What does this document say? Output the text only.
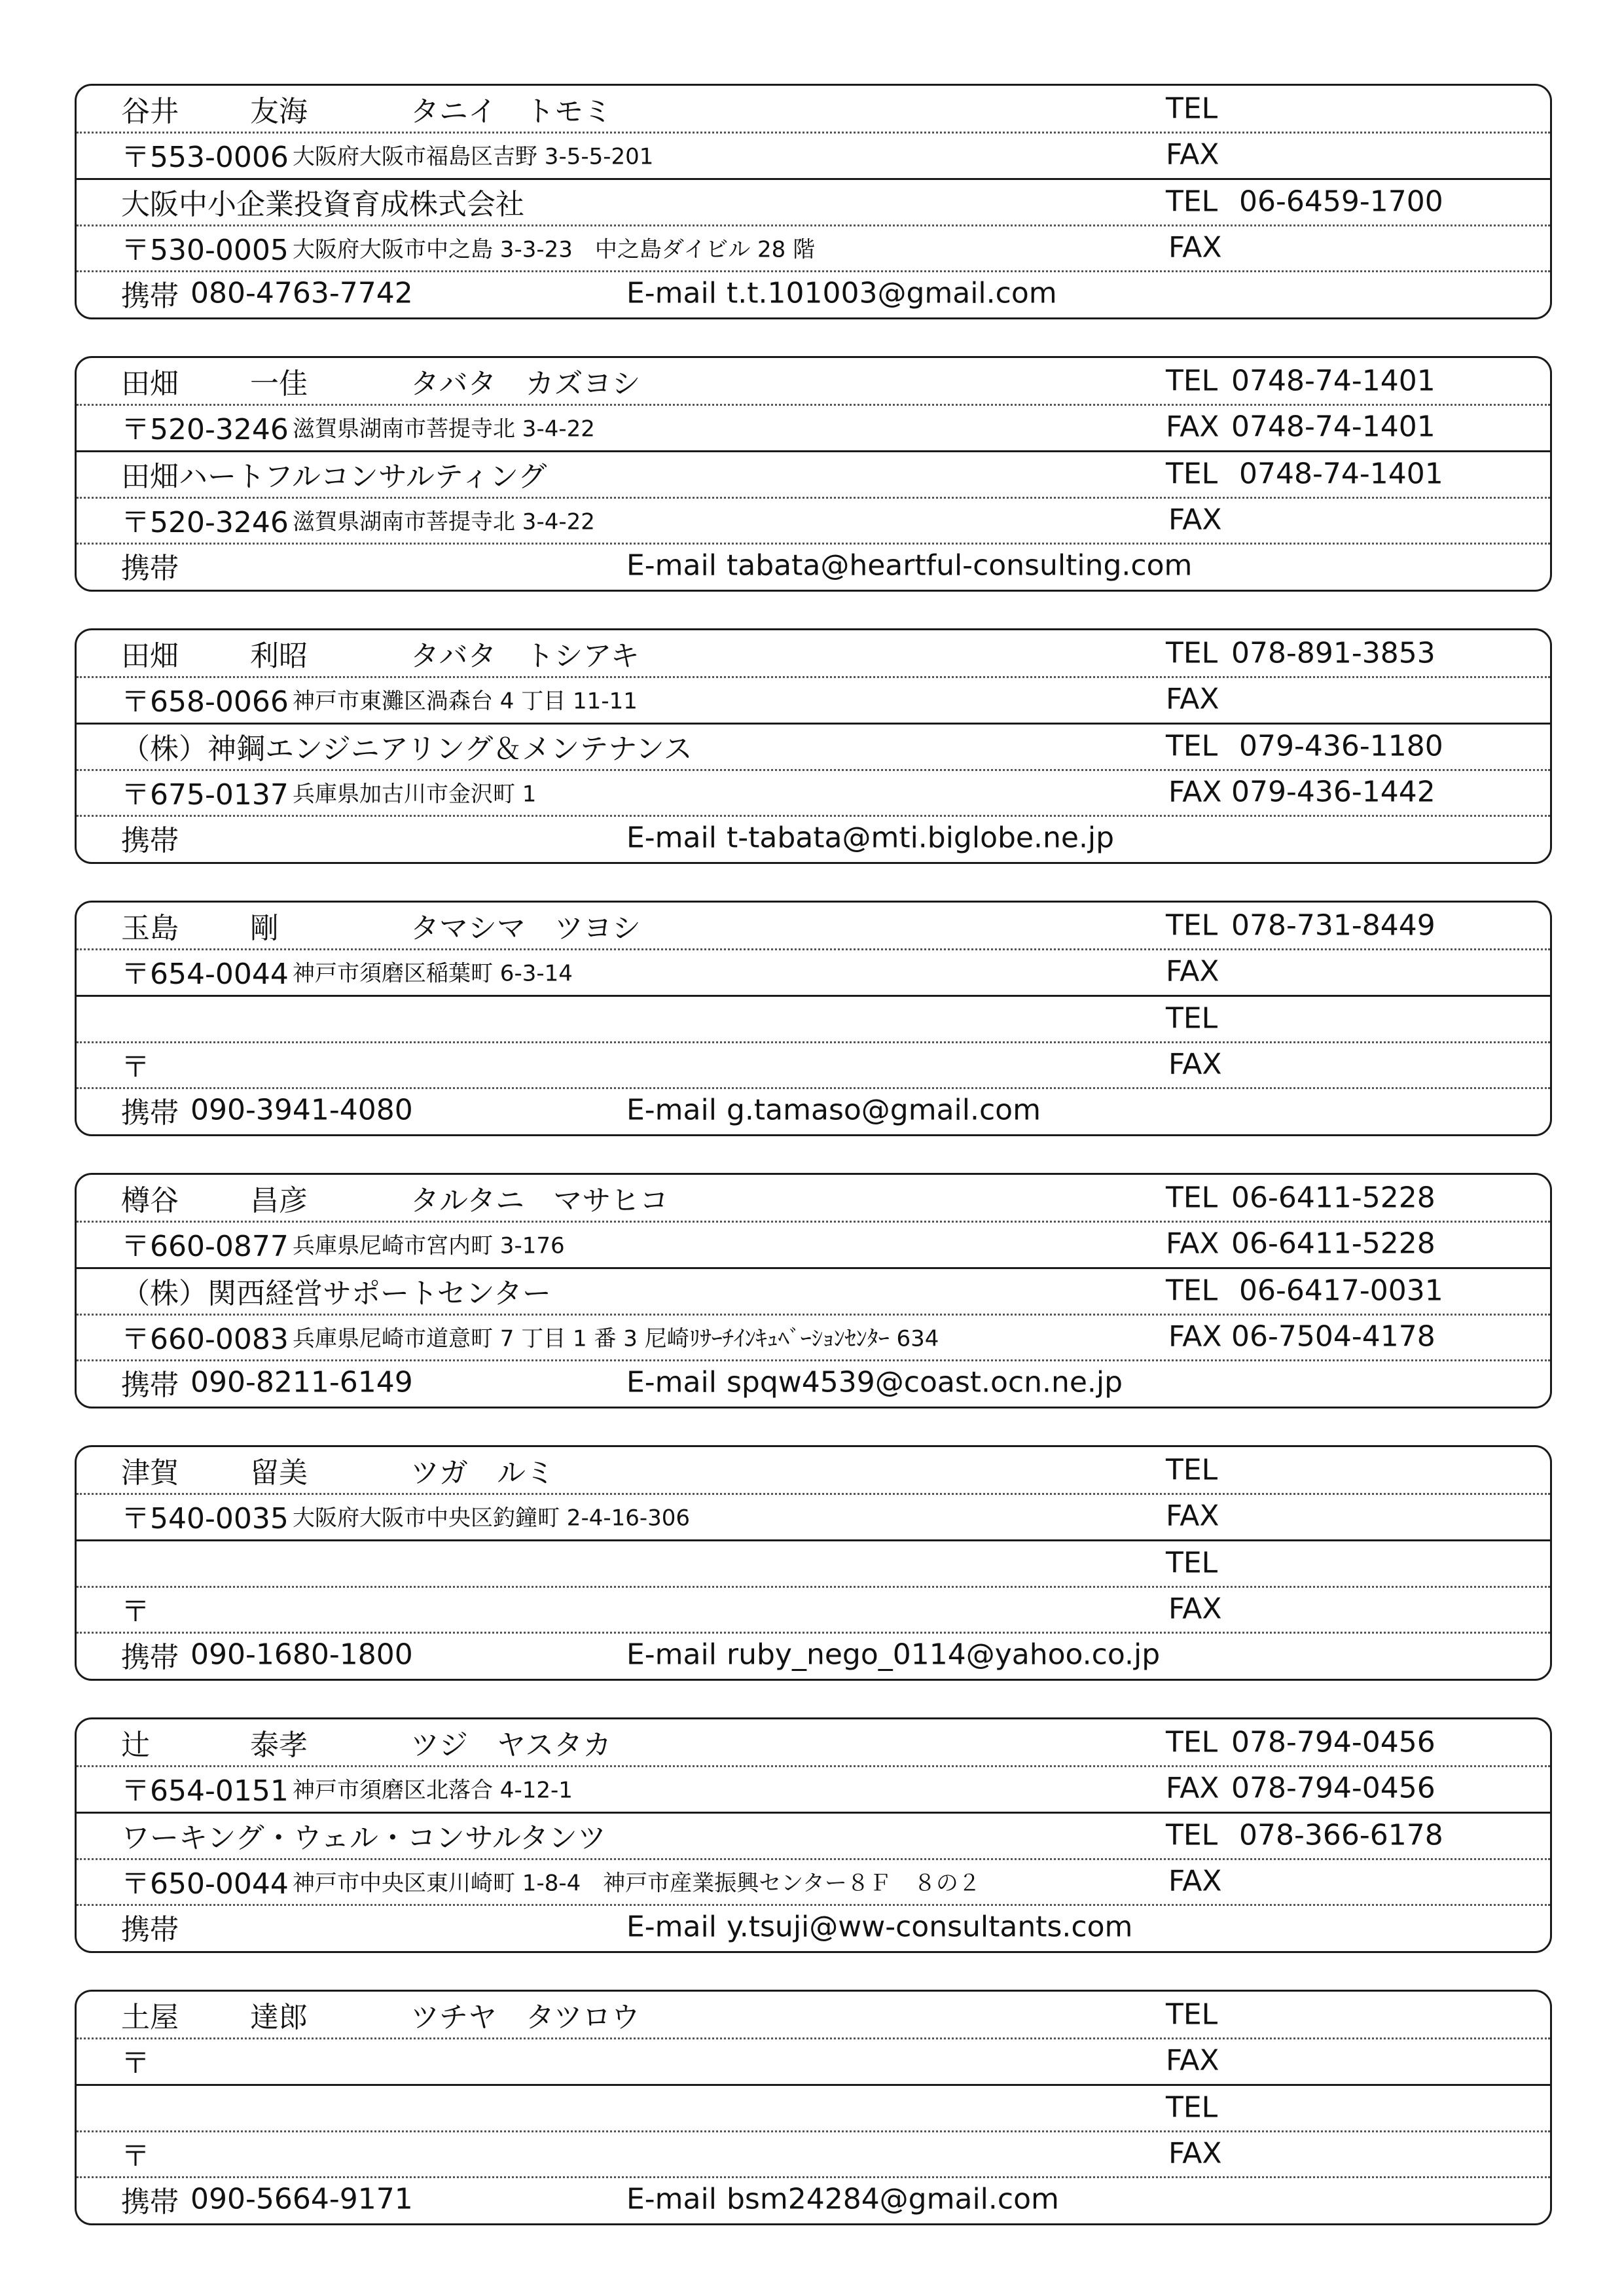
谷井 友海	タニイ　トモミ	TEL
〒553-0006 大阪府大阪市福島区吉野 3-5-5-201	FAX
大阪中小企業投資育成株式会社	TEL 06-6459-1700
〒530-0005 大阪府大阪市中之島 3-3-23　中之島ダイビル 28 階	FAX
携帯 080-4763-7742	E-mail t.t.101003@gmail.com
田畑 一佳	タバタ　カズヨシ	TEL 0748-74-1401
〒520-3246 滋賀県湖南市菩提寺北 3-4-22	FAX 0748-74-1401
田畑ハートフルコンサルティング	TEL 0748-74-1401
〒520-3246 滋賀県湖南市菩提寺北 3-4-22	FAX
携帯	E-mail tabata@heartful-consulting.com
田畑 利昭	タバタ　トシアキ	TEL 078-891-3853
〒658-0066 神戸市東灘区渦森台 4 丁目 11-11	FAX
（株）神鋼エンジニアリング＆メンテナンス	TEL 079-436-1180
〒675-0137 兵庫県加古川市金沢町 1	FAX 079-436-1442
携帯	E-mail t-tabata@mti.biglobe.ne.jp
玉島 剛	タマシマ　ツヨシ	TEL 078-731-8449
〒654-0044 神戸市須磨区稲葉町 6-3-14	FAX
TEL
〒	FAX
携帯 090-3941-4080	E-mail g.tamaso@gmail.com
樽谷 昌彦	タルタニ　マサヒコ	TEL 06-6411-5228
〒660-0877 兵庫県尼崎市宮内町 3-176	FAX 06-6411-5228
（株）関西経営サポートセンター	TEL 06-6417-0031
〒660-0083 兵庫県尼崎市道意町 7 丁目 1 番 3 尼崎ﾘｻｰﾁｲﾝｷｭﾍﾞｰｼｮﾝｾﾝﾀｰ 634	FAX 06-7504-4178
携帯 090-8211-6149	E-mail spqw4539@coast.ocn.ne.jp
津賀 留美	ツガ　ルミ	TEL
〒540-0035 大阪府大阪市中央区釣鐘町 2-4-16-306	FAX
TEL
〒	FAX
携帯 090-1680-1800	E-mail ruby_nego_0114@yahoo.co.jp
辻	泰孝	ツジ　ヤスタカ	TEL 078-794-0456
〒654-0151 神戸市須磨区北落合 4-12-1	FAX 078-794-0456
ワーキング・ウェル・コンサルタンツ	TEL 078-366-6178
〒650-0044 神戸市中央区東川崎町 1-8-4　神戸市産業振興センター８Ｆ　８の２	FAX
携帯	E-mail y.tsuji@ww-consultants.com
土屋 達郎	ツチヤ　タツロウ	TEL
〒	FAX
TEL
〒	FAX
携帯 090-5664-9171	E-mail bsm24284@gmail.com
